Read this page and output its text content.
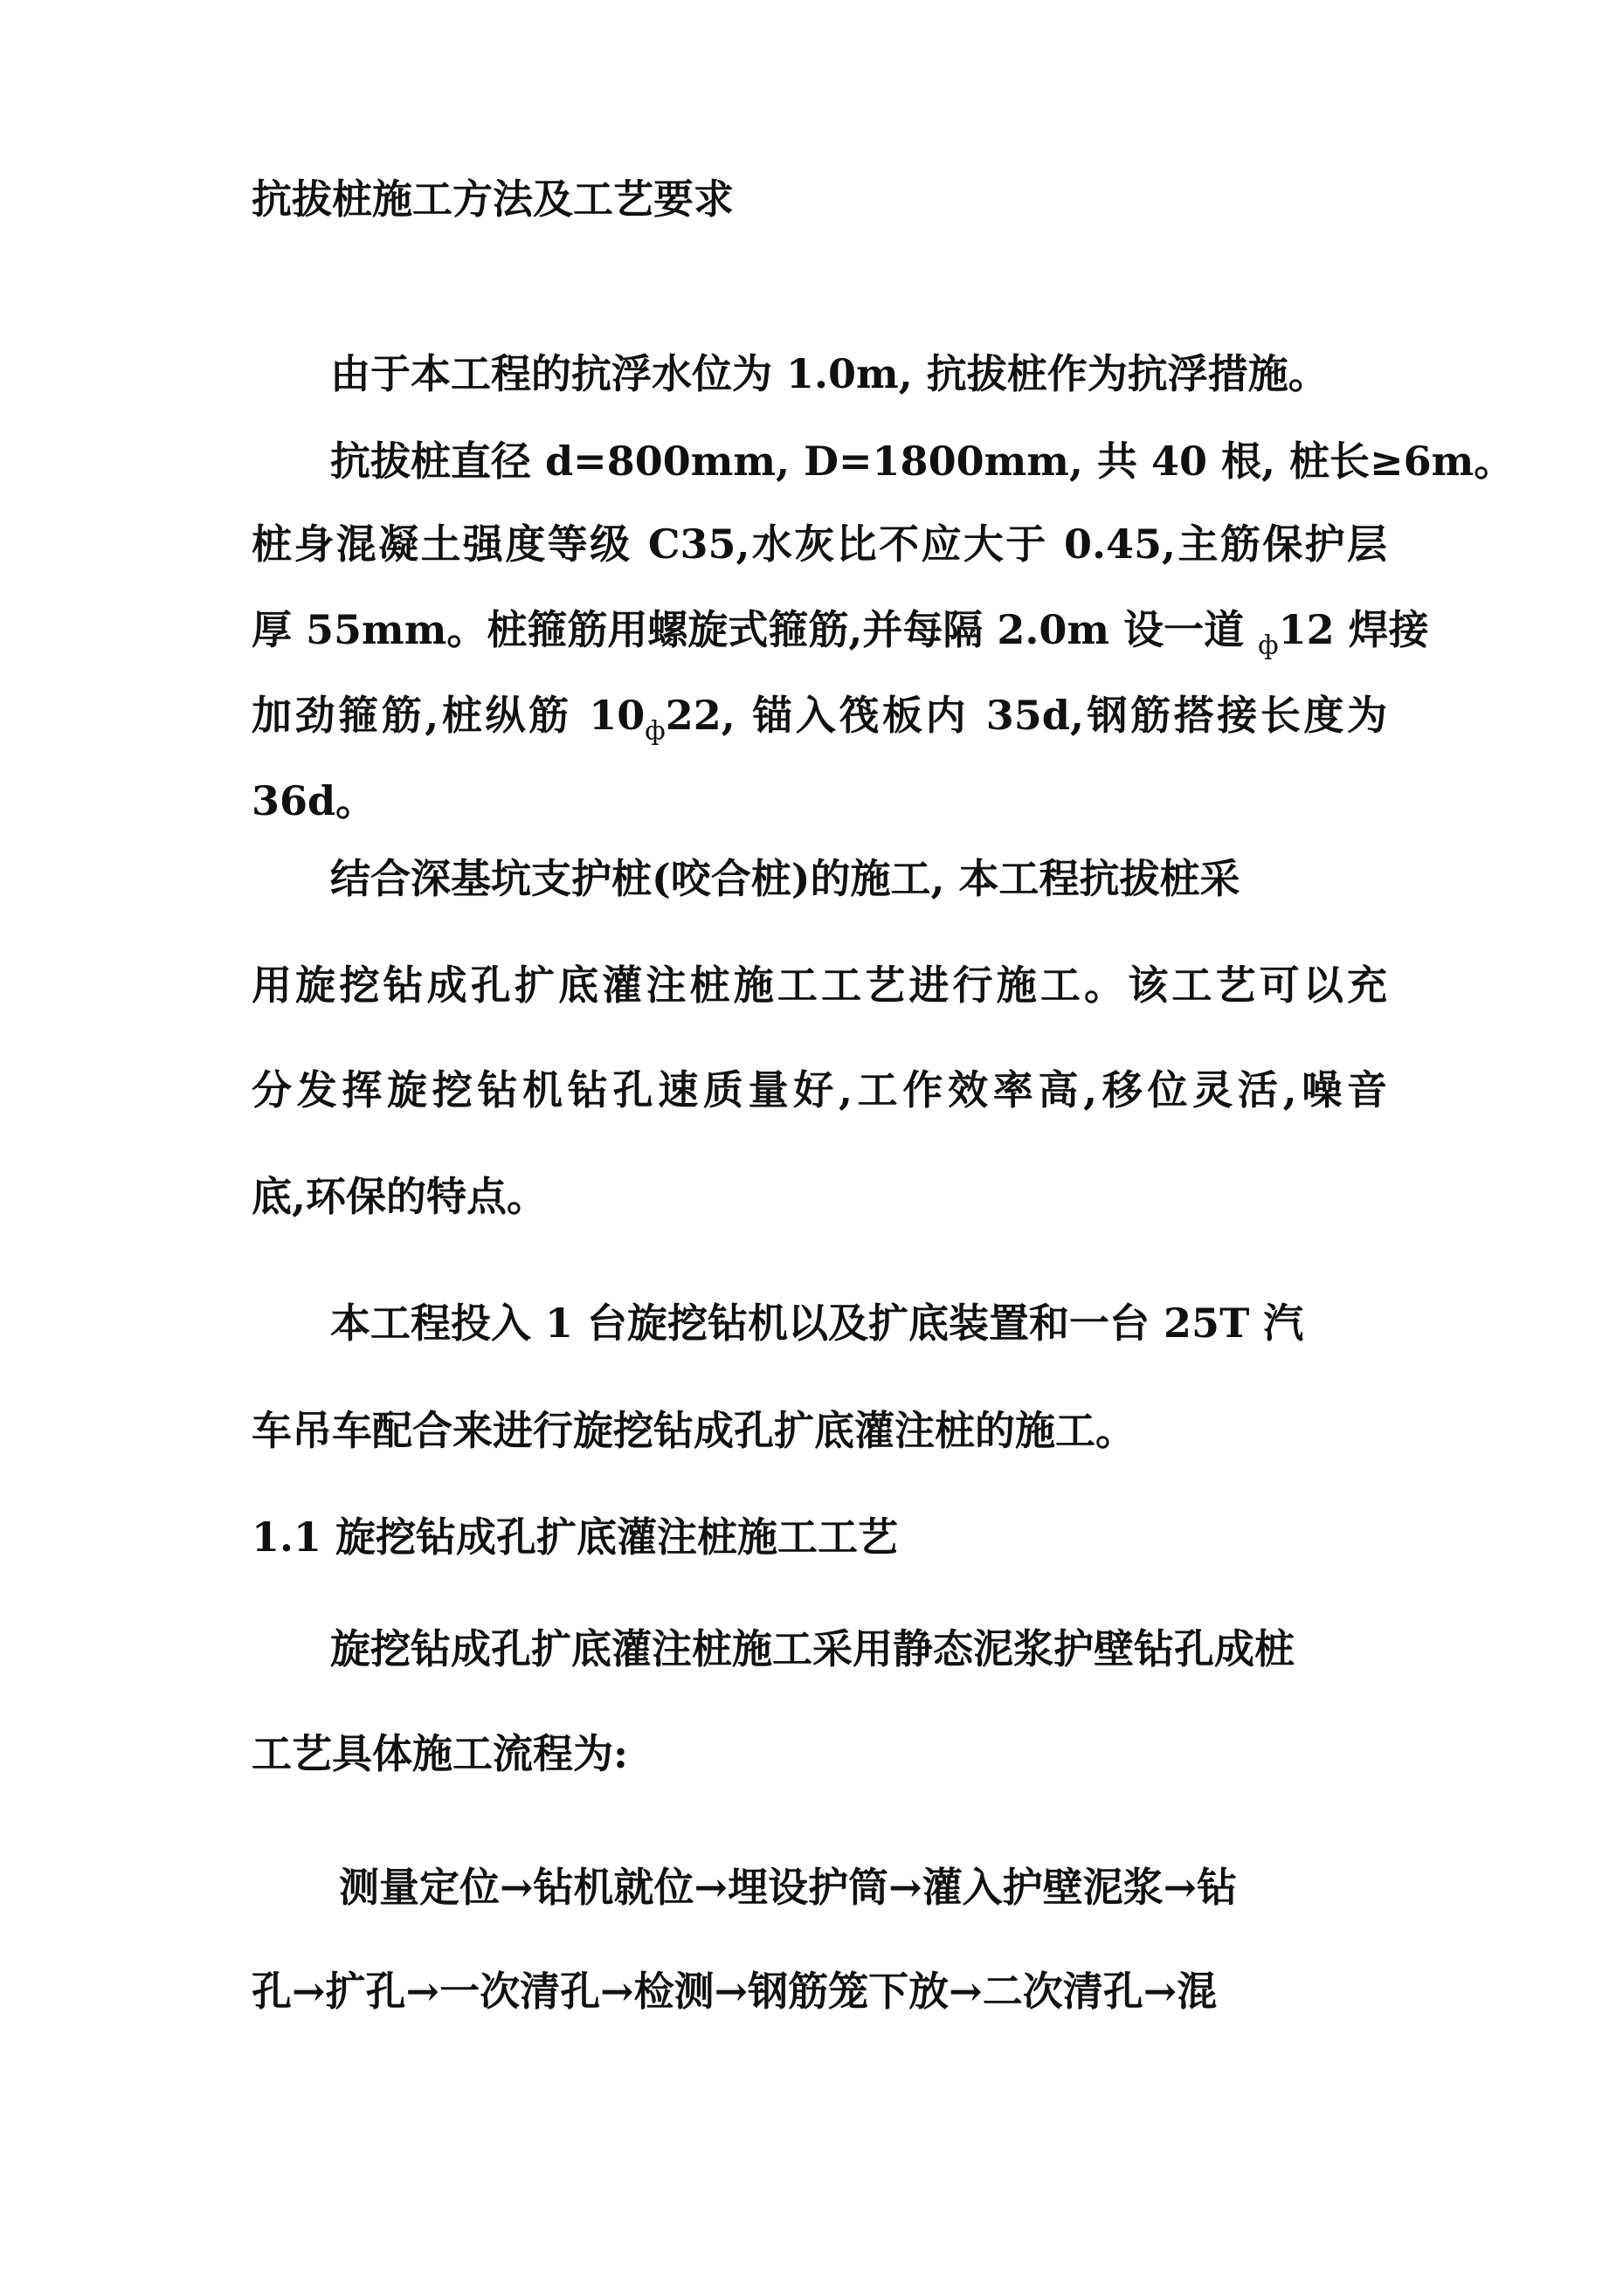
抗拔桩施工方法及工艺要求
由于本工程的抗浮水位为 1.0m, 抗拔桩作为抗浮措施。
抗拔桩直径 d=800mm, D=1800mm, 共 40 根, 桩长≥6m。
桩身混凝土强度等级 C35,水灰比不应大于 0.45,主筋保护层
厚 55mm。桩箍筋用螺旋式箍筋,并每隔 2.0m 设一道 ф12 焊接
加劲箍筋,桩纵筋 10ф22, 锚入筏板内 35d,钢筋搭接长度为
36d。
结合深基坑支护桩(咬合桩)的施工, 本工程抗拔桩采
用旋挖钻成孔扩底灌注桩施工工艺进行施工。该工艺可以充
分发挥旋挖钻机钻孔速质量好,工作效率高,移位灵活,噪音
底,环保的特点。
本工程投入 1 台旋挖钻机以及扩底装置和一台 25T 汽
车吊车配合来进行旋挖钻成孔扩底灌注桩的施工。
1.1 旋挖钻成孔扩底灌注桩施工工艺
旋挖钻成孔扩底灌注桩施工采用静态泥浆护壁钻孔成桩
工艺具体施工流程为:
测量定位→钻机就位→埋设护筒→灌入护壁泥浆→钻
孔→扩孔→一次清孔→检测→钢筋笼下放→二次清孔→混
